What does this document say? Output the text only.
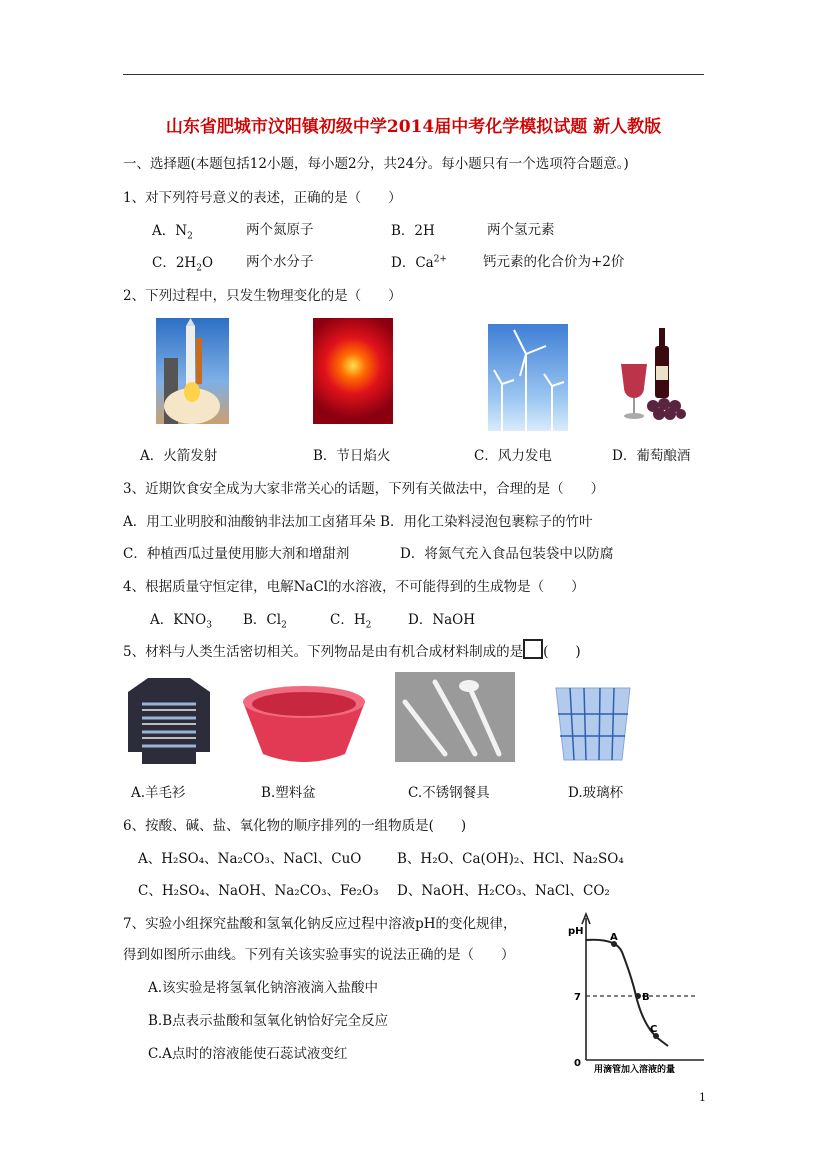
山东省肥城市汶阳镇初级中学2014届中考化学模拟试题 新人教版
一、选择题(本题包括12小题，每小题2分，共24分。每小题只有一个选项符合题意。)
1、对下列符号意义的表述，正确的是（　　）
A．$N_2$	两个氮原子	B．2H	两个氢元素
C．$2H_2O$ 两个水分子	D．$Ca^{2+}$	钙元素的化合价为+2价
2、下列过程中，只发生物理变化的是（　　）
A．火箭发射	B．节日焰火	C．风力发电	D．葡萄酿酒
3、近期饮食安全成为大家非常关心的话题，下列有关做法中，合理的是（　　）
A．用工业明胶和油酸钠非法加工卤猪耳朵 B．用化工染料浸泡包裹粽子的竹叶
C．种植西瓜过量使用膨大剂和增甜剂	D．将氮气充入食品包装袋中以防腐
4、根据质量守恒定律，电解NaCl的水溶液，不可能得到的生成物是（　　）
A．$KNO_3$ B．$Cl_2$	C．$H_2$	D．NaOH
5、材料与人类生活密切相关。下列物品是由有机合成材料制成的是 (　　)
A.羊毛衫	B.塑料盆	C.不锈钢餐具	D.玻璃杯
6、按酸、碱、盐、氧化物的顺序排列的一组物质是(　　)
A、H₂SO₄、Na₂CO₃、NaCl、CuO	B、H₂O、Ca(OH)₂、HCl、Na₂SO₄
C、H₂SO₄、NaOH、Na₂CO₃、Fe₂O₃ D、NaOH、H₂CO₃、NaCl、CO₂
7、实验小组探究盐酸和氢氧化钠反应过程中溶液pH的变化规律，
得到如图所示曲线。下列有关该实验事实的说法正确的是（　　）
A.该实验是将氢氧化钠溶液滴入盐酸中
B.B点表示盐酸和氢氧化钠恰好完全反应
C.A点时的溶液能使石蕊试液变红
pH
7
0
A
B
C
用滴管加入溶液的量
1
